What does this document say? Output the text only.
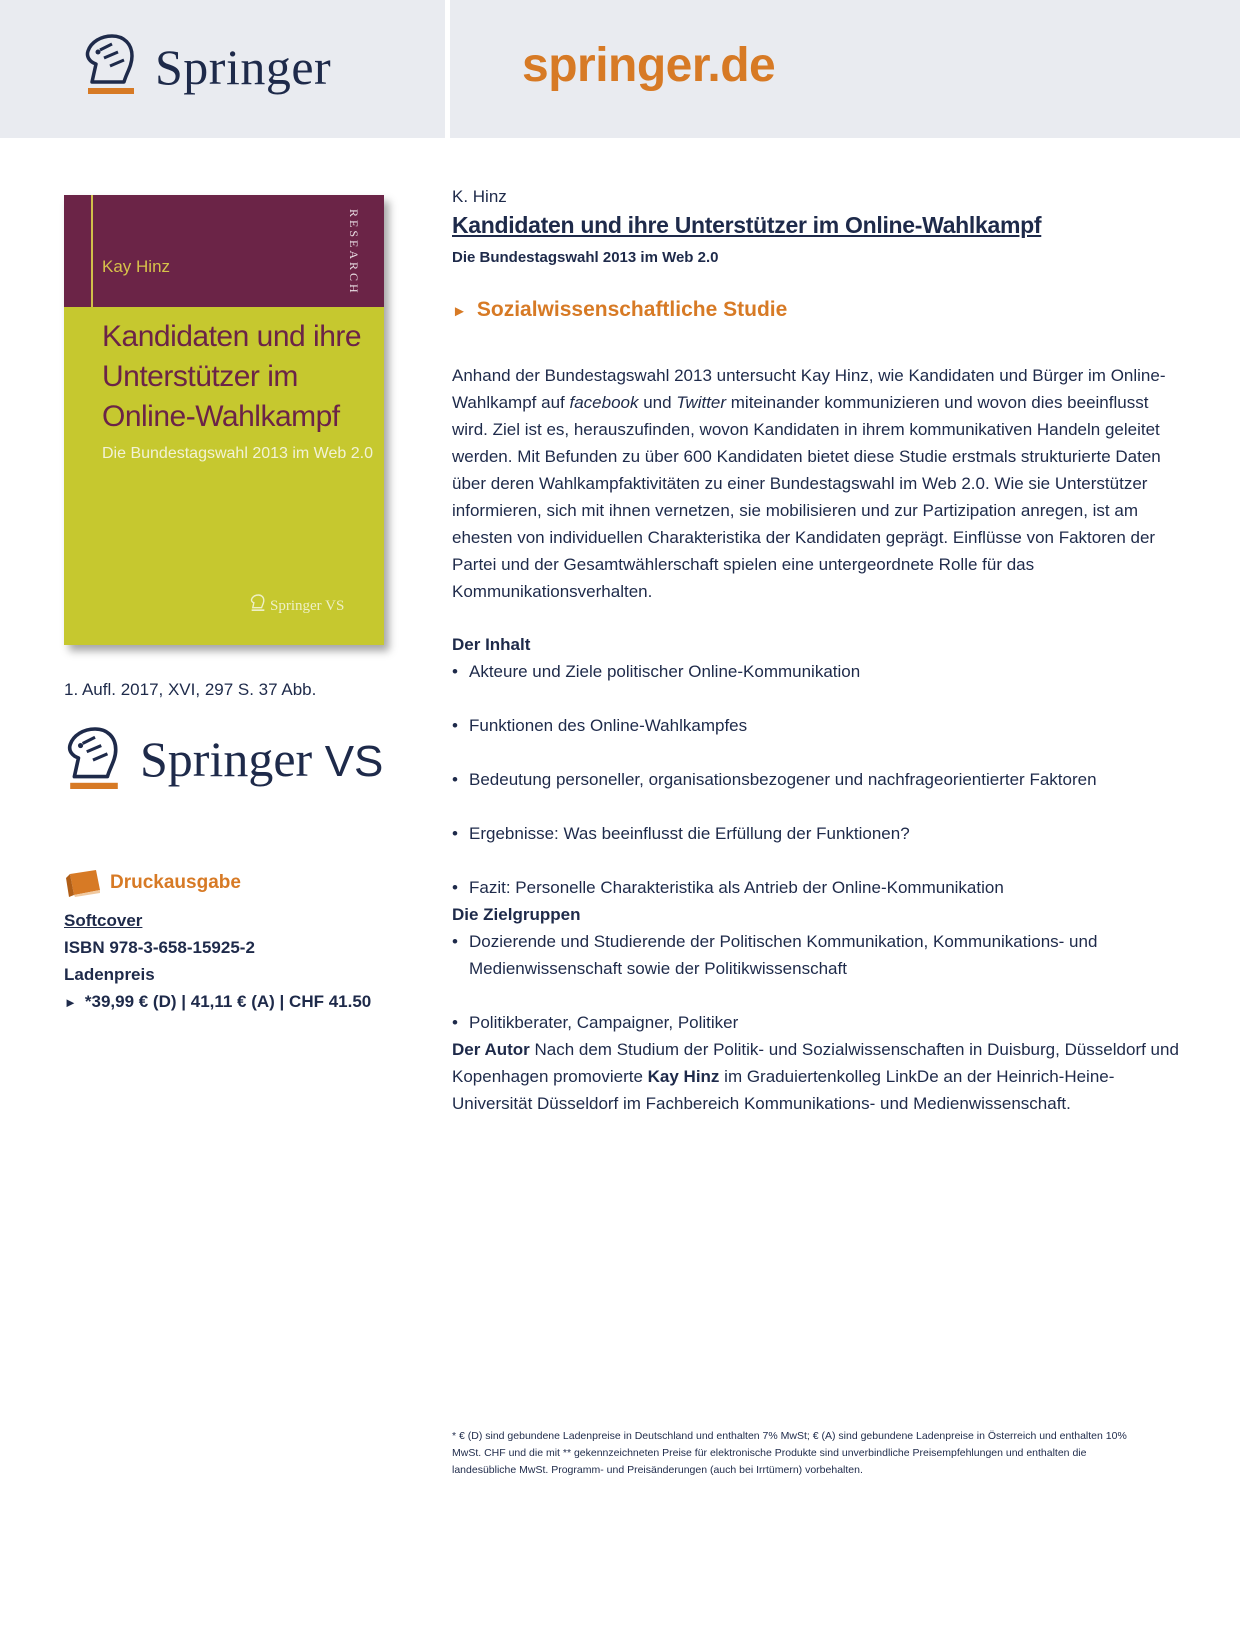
Springer	springer.de
Kay Hinz	RESEARCH
Kandidaten und ihre Unterstützer im Online-Wahlkampf
Die Bundestagswahl 2013 im Web 2.0
Springer VS
1. Aufl. 2017, XVI, 297 S. 37 Abb.
Springer VS
Druckausgabe
Softcover
ISBN 978-3-658-15925-2
Ladenpreis
► *39,99 € (D) | 41,11 € (A) | CHF 41.50
K. Hinz
Kandidaten und ihre Unterstützer im Online-Wahlkampf
Die Bundestagswahl 2013 im Web 2.0
► Sozialwissenschaftliche Studie
Anhand der Bundestagswahl 2013 untersucht Kay Hinz, wie Kandidaten und Bürger im Online-Wahlkampf auf facebook und Twitter miteinander kommunizieren und wovon dies beeinflusst wird. Ziel ist es, herauszufinden, wovon Kandidaten in ihrem kommunikativen Handeln geleitet werden. Mit Befunden zu über 600 Kandidaten bietet diese Studie erstmals strukturierte Daten über deren Wahlkampfaktivitäten zu einer Bundestagswahl im Web 2.0. Wie sie Unterstützer informieren, sich mit ihnen vernetzen, sie mobilisieren und zur Partizipation anregen, ist am ehesten von individuellen Charakteristika der Kandidaten geprägt. Einflüsse von Faktoren der Partei und der Gesamtwählerschaft spielen eine untergeordnete Rolle für das Kommunikationsverhalten.
Der Inhalt
• Akteure und Ziele politischer Online-Kommunikation
• Funktionen des Online-Wahlkampfes
• Bedeutung personeller, organisationsbezogener und nachfrageorientierter Faktoren
• Ergebnisse: Was beeinflusst die Erfüllung der Funktionen?
• Fazit: Personelle Charakteristika als Antrieb der Online-Kommunikation
Die Zielgruppen
• Dozierende und Studierende der Politischen Kommunikation, Kommunikations- und Medienwissenschaft sowie der Politikwissenschaft
• Politikberater, Campaigner, Politiker
Der Autor Nach dem Studium der Politik- und Sozialwissenschaften in Duisburg, Düsseldorf und Kopenhagen promovierte Kay Hinz im Graduiertenkolleg LinkDe an der Heinrich-Heine-Universität Düsseldorf im Fachbereich Kommunikations- und Medienwissenschaft.
* € (D) sind gebundene Ladenpreise in Deutschland und enthalten 7% MwSt; € (A) sind gebundene Ladenpreise in Österreich und enthalten 10% MwSt. CHF und die mit ** gekennzeichneten Preise für elektronische Produkte sind unverbindliche Preisempfehlungen und enthalten die landesübliche MwSt. Programm- und Preisänderungen (auch bei Irrtümern) vorbehalten.
